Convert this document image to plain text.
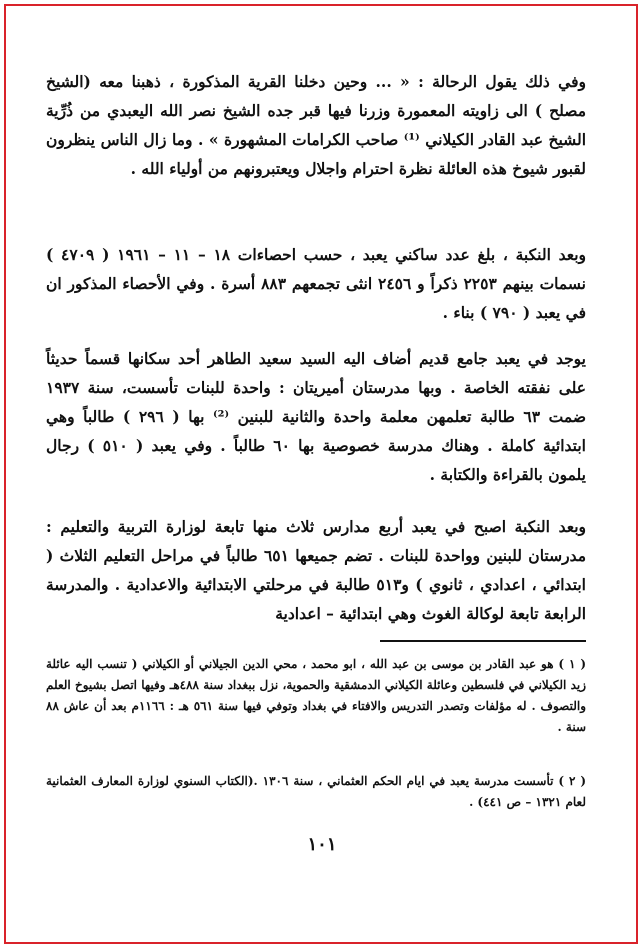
وفي ذلك يقول الرحالة : « ... وحين دخلنا القرية المذكورة ، ذهبنا معه (الشيخ مصلح ) الى زاويته المعمورة وزرنا فيها قبر جده الشيخ نصر الله اليعبدي من ذُرِّية الشيخ عبد القادر الكيلاني ⁽¹⁾ صاحب الكرامات المشهورة » . وما زال الناس ينظرون لقبور شيوخ هذه العائلة نظرة احترام واجلال ويعتبرونهم من أولياء الله .

وبعد النكبة ، بلغ عدد ساكني يعبد ، حسب احصاءات ١٨ – ١١ – ١٩٦١ ( ٤٧٠٩ ) نسمات بينهم ٢٢٥٣ ذكراً و ٢٤٥٦ انثى تجمعهم ٨٨٣ أسرة . وفي الأحصاء المذكور ان في يعبد ( ٧٩٠ ) بناء .

يوجد في يعبد جامع قديم أضاف اليه السيد سعيد الطاهر أحد سكانها قسماً حديثاً على نفقته الخاصة . وبها مدرستان أميريتان : واحدة للبنات تأسست، سنة ١٩٣٧ ضمت ٦٣ طالبة تعلمهن معلمة واحدة والثانية للبنين ⁽²⁾ بها ( ٢٩٦ ) طالباً وهي ابتدائية كاملة . وهناك مدرسة خصوصية بها ٦٠ طالباً . وفي يعبد ( ٥١٠ ) رجال يلمون بالقراءة والكتابة .

وبعد النكبة اصبح في يعبد أربع مدارس ثلاث منها تابعة لوزارة التربية والتعليم : مدرستان للبنين وواحدة للبنات . تضم جميعها ٦٥١ طالباً في مراحل التعليم الثلاث ( ابتدائي ، اعدادي ، ثانوي ) و٥١٣ طالبة في مرحلتي الابتدائية والاعدادية . والمدرسة الرابعة تابعة لوكالة الغوث وهي ابتدائية – اعدادية

( ١ ) هو عبد القادر بن موسى بن عبد الله ، ابو محمد ، محي الدين الجيلاني أو الكيلاني ( تنسب اليه عائلة زيد الكيلاني في فلسطين وعائلة الكيلاني الدمشقية والحموية، نزل ببغداد سنة ٤٨٨هـ وفيها اتصل بشيوخ العلم والتصوف . له مؤلفات وتصدر التدريس والافتاء في بغداد وتوفي فيها سنة ٥٦١ هـ : ١١٦٦م بعد أن عاش ٨٨ سنة .

( ٢ ) تأسست مدرسة يعبد في ايام الحكم العثماني ، سنة ١٣٠٦ .(الكتاب السنوي لوزارة المعارف العثمانية لعام ١٣٢١ – ص ٤٤١) .

١٠١
